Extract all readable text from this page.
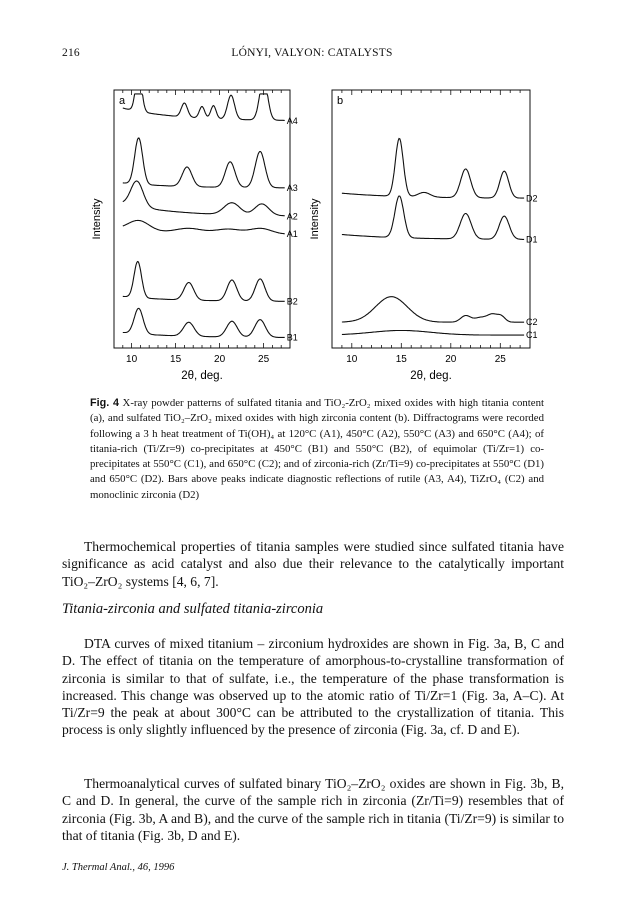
216	LÓNYI, VALYON: CATALYSTS
10	15	20	25
2θ, deg.
Intensity
a
A4
A3
A2
A1
B2
B1
10	15	20	25
2θ, deg.
Intensity
b
D2
D1
C2
C1
Fig. 4 X-ray powder patterns of sulfated titania and TiO₂-ZrO₂ mixed oxides with high titania content (a), and sulfated TiO₂–ZrO₂ mixed oxides with high zirconia content (b). Diffractograms were recorded following a 3 h heat treatment of Ti(OH)₄ at 120°C (A1), 450°C (A2), 550°C (A3) and 650°C (A4); of titania-rich (Ti/Zr=9) co-precipitates at 450°C (B1) and 550°C (B2), of equimolar (Ti/Zr=1) co-precipitates at 550°C (C1), and 650°C (C2); and of zirconia-rich (Zr/Ti=9) co-precipitates at 550°C (D1) and 650°C (D2). Bars above peaks indicate diagnostic reflections of rutile (A3, A4), TiZrO₄ (C2) and monoclinic zirconia (D2)
Thermochemical properties of titania samples were studied since sulfated titania have significance as acid catalyst and also due their relevance to the catalytically important TiO₂–ZrO₂ systems [4, 6, 7].
Titania-zirconia and sulfated titania-zirconia
DTA curves of mixed titanium – zirconium hydroxides are shown in Fig. 3a, B, C and D. The effect of titania on the temperature of amorphous-to-crystalline transformation of zirconia is similar to that of sulfate, i.e., the temperature of the phase transformation is increased. This change was observed up to the atomic ratio of Ti/Zr=1 (Fig. 3a, A–C). At Ti/Zr=9 the peak at about 300°C can be attributed to the crystallization of titania. This process is only slightly influenced by the presence of zirconia (Fig. 3a, cf. D and E).
Thermoanalytical curves of sulfated binary TiO₂–ZrO₂ oxides are shown in Fig. 3b, B, C and D. In general, the curve of the sample rich in zirconia (Zr/Ti=9) resembles that of zirconia (Fig. 3b, A and B), and the curve of the sample rich in titania (Ti/Zr=9) is similar to that of titania (Fig. 3b, D and E).
J. Thermal Anal., 46, 1996
